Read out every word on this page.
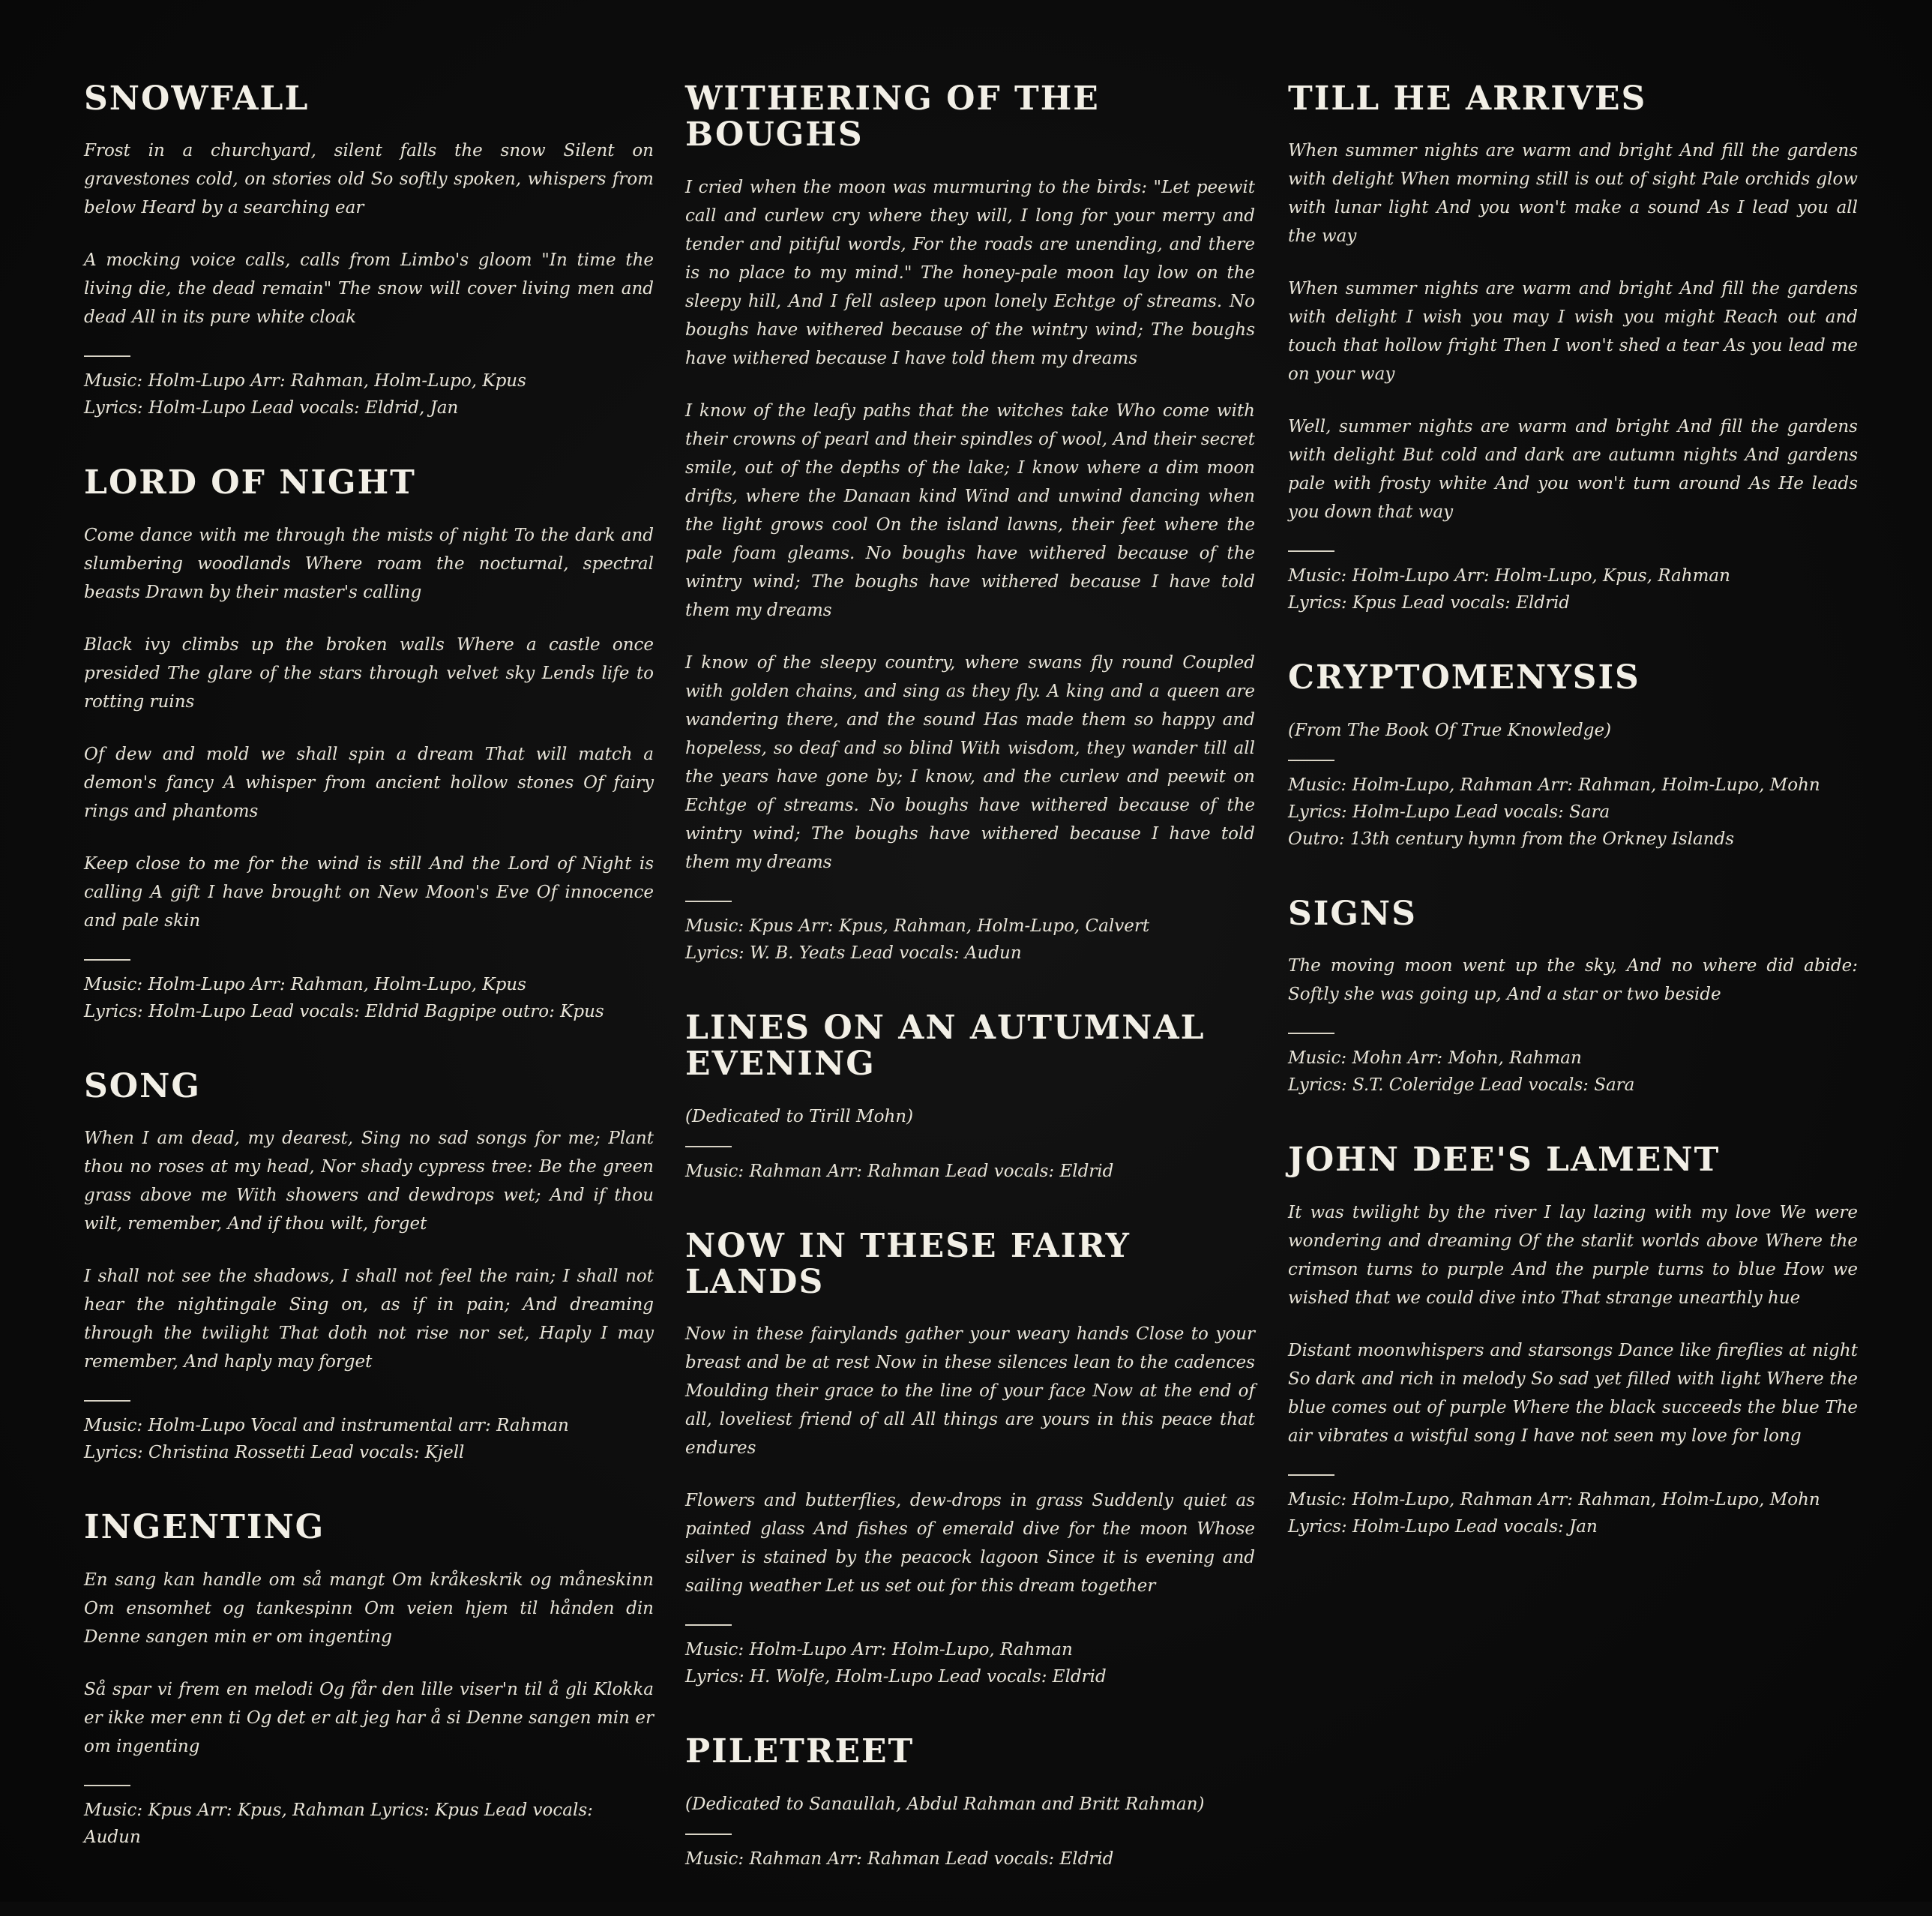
SNOWFALL

Frost in a churchyard, silent falls the snow Silent on gravestones cold, on stories old So softly spoken, whispers from below Heard by a searching ear

A mocking voice calls, calls from Limbo's gloom "In time the living die, the dead remain" The snow will cover living men and dead All in its pure white cloak

Music: Holm-Lupo Arr: Rahman, Holm-Lupo, Kpus

Lyrics: Holm-Lupo Lead vocals: Eldrid, Jan

LORD OF NIGHT

Come dance with me through the mists of night To the dark and slumbering woodlands Where roam the nocturnal, spectral beasts Drawn by their master's calling

Black ivy climbs up the broken walls Where a castle once presided The glare of the stars through velvet sky Lends life to rotting ruins

Of dew and mold we shall spin a dream That will match a demon's fancy A whisper from ancient hollow stones Of fairy rings and phantoms

Keep close to me for the wind is still And the Lord of Night is calling A gift I have brought on New Moon's Eve Of innocence and pale skin

Music: Holm-Lupo Arr: Rahman, Holm-Lupo, Kpus

Lyrics: Holm-Lupo Lead vocals: Eldrid Bagpipe outro: Kpus

SONG

When I am dead, my dearest, Sing no sad songs for me; Plant thou no roses at my head, Nor shady cypress tree: Be the green grass above me With showers and dewdrops wet; And if thou wilt, remember, And if thou wilt, forget

I shall not see the shadows, I shall not feel the rain; I shall not hear the nightingale Sing on, as if in pain; And dreaming through the twilight That doth not rise nor set, Haply I may remember, And haply may forget

Music: Holm-Lupo Vocal and instrumental arr: Rahman

Lyrics: Christina Rossetti Lead vocals: Kjell

INGENTING

En sang kan handle om så mangt Om kråkeskrik og måneskinn Om ensomhet og tankespinn Om veien hjem til hånden din Denne sangen min er om ingenting

Så spar vi frem en melodi Og får den lille viser'n til å gli Klokka er ikke mer enn ti Og det er alt jeg har å si Denne sangen min er om ingenting

Music: Kpus Arr: Kpus, Rahman Lyrics: Kpus Lead vocals: Audun

WITHERING OF THE BOUGHS

I cried when the moon was murmuring to the birds: "Let peewit call and curlew cry where they will, I long for your merry and tender and pitiful words, For the roads are unending, and there is no place to my mind." The honey-pale moon lay low on the sleepy hill, And I fell asleep upon lonely Echtge of streams. No boughs have withered because of the wintry wind; The boughs have withered because I have told them my dreams

I know of the leafy paths that the witches take Who come with their crowns of pearl and their spindles of wool, And their secret smile, out of the depths of the lake; I know where a dim moon drifts, where the Danaan kind Wind and unwind dancing when the light grows cool On the island lawns, their feet where the pale foam gleams. No boughs have withered because of the wintry wind; The boughs have withered because I have told them my dreams

I know of the sleepy country, where swans fly round Coupled with golden chains, and sing as they fly. A king and a queen are wandering there, and the sound Has made them so happy and hopeless, so deaf and so blind With wisdom, they wander till all the years have gone by; I know, and the curlew and peewit on Echtge of streams. No boughs have withered because of the wintry wind; The boughs have withered because I have told them my dreams

Music: Kpus Arr: Kpus, Rahman, Holm-Lupo, Calvert

Lyrics: W. B. Yeats Lead vocals: Audun

LINES ON AN AUTUMNAL EVENING

(Dedicated to Tirill Mohn)

Music: Rahman Arr: Rahman Lead vocals: Eldrid

NOW IN THESE FAIRY LANDS

Now in these fairylands gather your weary hands Close to your breast and be at rest Now in these silences lean to the cadences Moulding their grace to the line of your face Now at the end of all, loveliest friend of all All things are yours in this peace that endures

Flowers and butterflies, dew-drops in grass Suddenly quiet as painted glass And fishes of emerald dive for the moon Whose silver is stained by the peacock lagoon Since it is evening and sailing weather Let us set out for this dream together

Music: Holm-Lupo Arr: Holm-Lupo, Rahman

Lyrics: H. Wolfe, Holm-Lupo Lead vocals: Eldrid

PILETREET

(Dedicated to Sanaullah, Abdul Rahman and Britt Rahman)

Music: Rahman Arr: Rahman Lead vocals: Eldrid

TILL HE ARRIVES

When summer nights are warm and bright And fill the gardens with delight When morning still is out of sight Pale orchids glow with lunar light And you won't make a sound As I lead you all the way

When summer nights are warm and bright And fill the gardens with delight I wish you may I wish you might Reach out and touch that hollow fright Then I won't shed a tear As you lead me on your way

Well, summer nights are warm and bright And fill the gardens with delight But cold and dark are autumn nights And gardens pale with frosty white And you won't turn around As He leads you down that way

Music: Holm-Lupo Arr: Holm-Lupo, Kpus, Rahman

Lyrics: Kpus Lead vocals: Eldrid

CRYPTOMENYSIS

(From The Book Of True Knowledge)

Music: Holm-Lupo, Rahman Arr: Rahman, Holm-Lupo, Mohn

Lyrics: Holm-Lupo Lead vocals: Sara

Outro: 13th century hymn from the Orkney Islands

SIGNS

The moving moon went up the sky, And no where did abide: Softly she was going up, And a star or two beside

Music: Mohn Arr: Mohn, Rahman

Lyrics: S.T. Coleridge Lead vocals: Sara

JOHN DEE'S LAMENT

It was twilight by the river I lay lazing with my love We were wondering and dreaming Of the starlit worlds above Where the crimson turns to purple And the purple turns to blue How we wished that we could dive into That strange unearthly hue

Distant moonwhispers and starsongs Dance like fireflies at night So dark and rich in melody So sad yet filled with light Where the blue comes out of purple Where the black succeeds the blue The air vibrates a wistful song I have not seen my love for long

Music: Holm-Lupo, Rahman Arr: Rahman, Holm-Lupo, Mohn

Lyrics: Holm-Lupo Lead vocals: Jan
